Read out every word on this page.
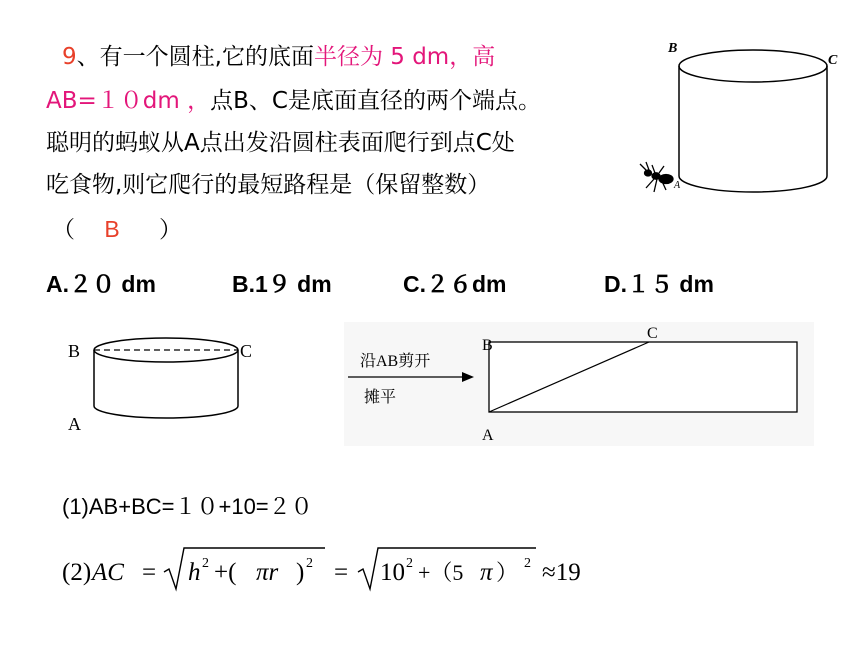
9、有一个圆柱,它的底面半径为 5 dm，高
AB=１０dm ，点B、C是底面直径的两个端点。
聪明的蚂蚁从A点出发沿圆柱表面爬行到点C处
吃食物,则它爬行的最短路程是（保留整数）
（ B ）
A.２０ dm	B.1９ dm	C.２６dm	D.１５ dm
B
C
A
B	C
A
沿AB剪开
摊平
B
C
A
(1)AB+BC=１０+10=２０
(2) AC = h 2 +( πr ) 2 = 10 2 +（5 π ） 2 ≈19
